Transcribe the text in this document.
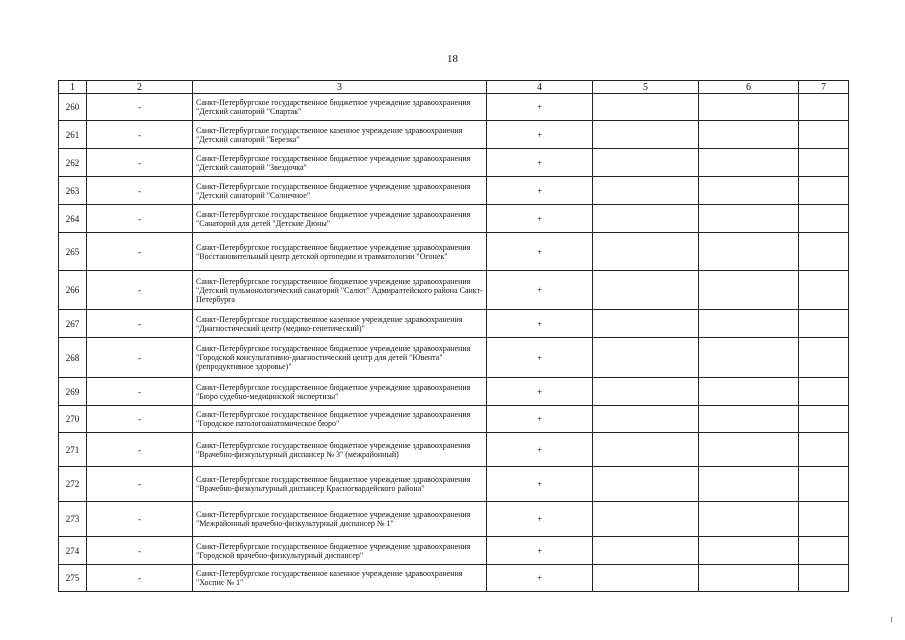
18
1	2	3	4	5	6	7
260	-	Санкт-Петербургское государственное бюджетное учреждение здравоохранения "Детский санаторий "Спартак"	+			
261	-	Санкт-Петербургское государственное казенное учреждение здравоохранения "Детский санаторий "Березка"	+			
262	-	Санкт-Петербургское государственное бюджетное учреждение здравоохранения "Детский санаторий "Звездочка"	+			
263	-	Санкт-Петербургское государственное бюджетное учреждение здравоохранения "Детский санаторий "Солнечное"	+			
264	-	Санкт-Петербургское государственное бюджетное учреждение здравоохранения "Санаторий для детей "Детские Дюны"	+			
265	-	Санкт-Петербургское государственное бюджетное учреждение здравоохранения "Восстановительный центр детской ортопедии и травматологии "Огонек"	+			
266	-	Санкт-Петербургское государственное бюджетное учреждение здравоохранения "Детский пульмонологический санаторий "Салют" Адмиралтейского района Санкт-Петербурга	+			
267	-	Санкт-Петербургское государственное казенное учреждение здравоохранения "Диагностический центр (медико-генетический)"	+			
268	-	Санкт-Петербургское государственное бюджетное учреждение здравоохранения "Городской консультативно-диагностический центр для детей "Ювента" (репродуктивное здоровье)"	+			
269	-	Санкт-Петербургское государственное бюджетное учреждение здравоохранения "Бюро судебно-медицинской экспертизы"	+			
270	-	Санкт-Петербургское государственное бюджетное учреждение здравоохранения "Городское патологоанатомическое бюро"	+			
271	-	Санкт-Петербургское государственное бюджетное учреждение здравоохранения "Врачебно-физкультурный диспансер № 3" (межрайонный)	+			
272	-	Санкт-Петербургское государственное бюджетное учреждение здравоохранения "Врачебно-физкультурный диспансер Красногвардейского района"	+			
273	-	Санкт-Петербургское государственное бюджетное учреждение здравоохранения "Межрайонный врачебно-физкультурный диспансер № 1"	+			
274	-	Санкт-Петербургское государственное бюджетное учреждение здравоохранения "Городской врачебно-физкультурный диспансер"	+			
275	-	Санкт-Петербургское государственное казенное учреждение здравоохранения "Хоспис № 1"	+			
